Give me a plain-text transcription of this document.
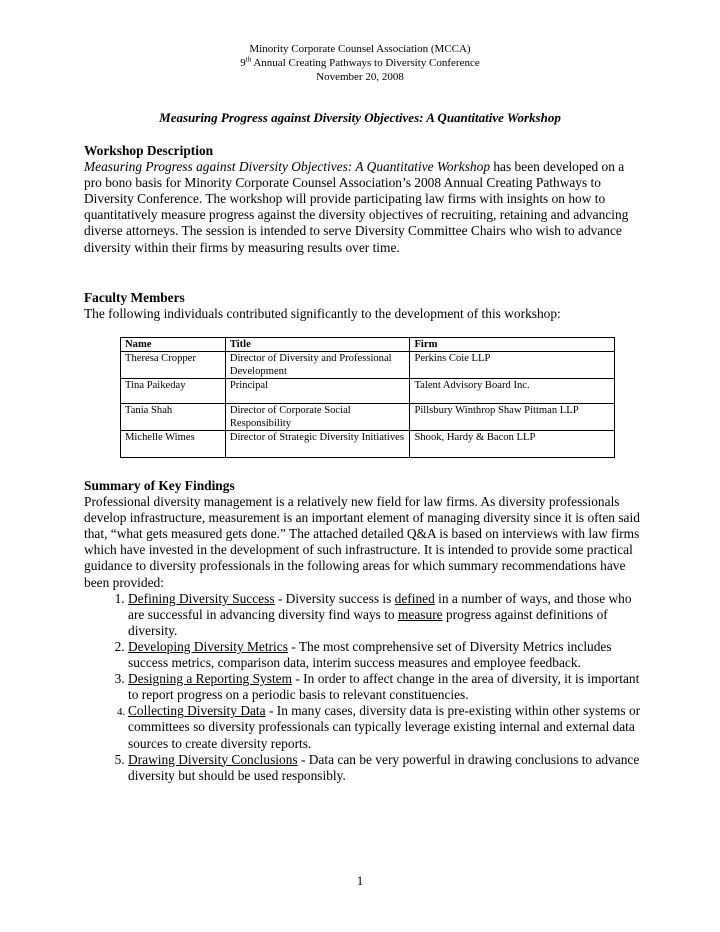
Minority Corporate Counsel Association (MCCA)
9th Annual Creating Pathways to Diversity Conference
November 20, 2008
Measuring Progress against Diversity Objectives: A Quantitative Workshop
Workshop Description
Measuring Progress against Diversity Objectives: A Quantitative Workshop has been developed on a pro bono basis for Minority Corporate Counsel Association’s 2008 Annual Creating Pathways to Diversity Conference. The workshop will provide participating law firms with insights on how to quantitatively measure progress against the diversity objectives of recruiting, retaining and advancing diverse attorneys. The session is intended to serve Diversity Committee Chairs who wish to advance diversity within their firms by measuring results over time.
Faculty Members
The following individuals contributed significantly to the development of this workshop:
Name	Title	Firm
Theresa Cropper	Director of Diversity and Professional Development	Perkins Coie LLP
Tina Paikeday	Principal	Talent Advisory Board Inc.
Tania Shah	Director of Corporate Social Responsibility	Pillsbury Winthrop Shaw Pittman LLP
Michelle Wimes	Director of Strategic Diversity Initiatives	Shook, Hardy & Bacon LLP
Summary of Key Findings
Professional diversity management is a relatively new field for law firms. As diversity professionals develop infrastructure, measurement is an important element of managing diversity since it is often said that, “what gets measured gets done.” The attached detailed Q&A is based on interviews with law firms which have invested in the development of such infrastructure. It is intended to provide some practical guidance to diversity professionals in the following areas for which summary recommendations have been provided:
1. Defining Diversity Success - Diversity success is defined in a number of ways, and those who are successful in advancing diversity find ways to measure progress against definitions of diversity.
2. Developing Diversity Metrics - The most comprehensive set of Diversity Metrics includes success metrics, comparison data, interim success measures and employee feedback.
3. Designing a Reporting System - In order to affect change in the area of diversity, it is important to report progress on a periodic basis to relevant constituencies.
4. Collecting Diversity Data - In many cases, diversity data is pre-existing within other systems or committees so diversity professionals can typically leverage existing internal and external data sources to create diversity reports.
5. Drawing Diversity Conclusions - Data can be very powerful in drawing conclusions to advance diversity but should be used responsibly.
1
